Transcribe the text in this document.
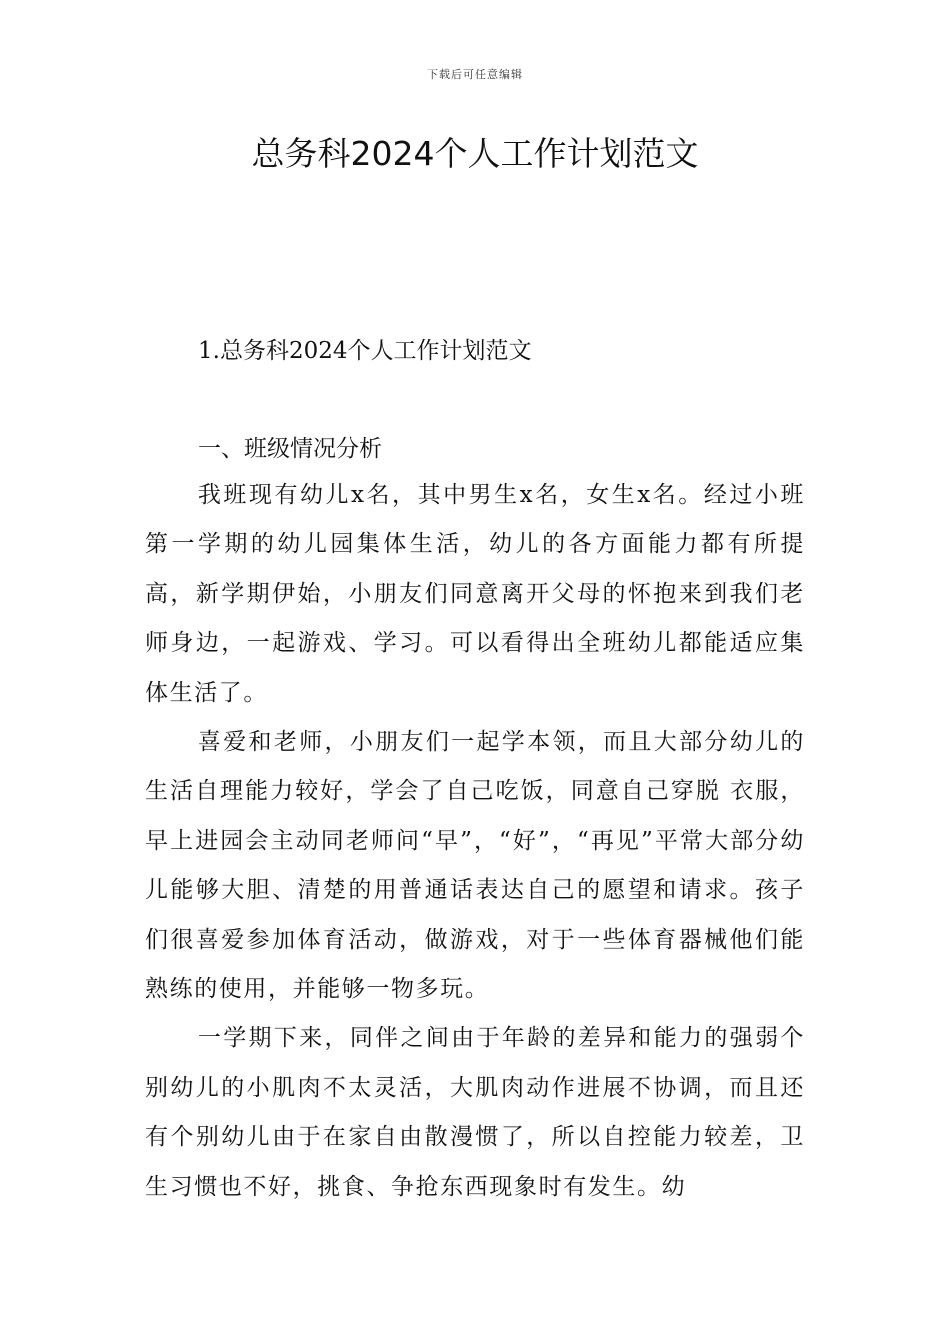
下载后可任意编辑
总务科2024个人工作计划范文
1.总务科2024个人工作计划范文
一、班级情况分析

我班现有幼儿x名，其中男生x名，女生x名。经过小班第一学期的幼儿园集体生活，幼儿的各方面能力都有所提高，新学期伊始，小朋友们同意离开父母的怀抱来到我们老师身边，一起游戏、学习。可以看得出全班幼儿都能适应集体生活了。

喜爱和老师，小朋友们一起学本领，而且大部分幼儿的生活自理能力较好，学会了自己吃饭，同意自己穿脱 衣服，早上进园会主动同老师问“早”，“好”，“再见”平常大部分幼儿能够大胆、清楚的用普通话表达自己的愿望和请求。孩子们很喜爱参加体育活动，做游戏，对于一些体育器械他们能熟练的使用，并能够一物多玩。

一学期下来，同伴之间由于年龄的差异和能力的强弱个别幼儿的小肌肉不太灵活，大肌肉动作进展不协调，而且还有个别幼儿由于在家自由散漫惯了，所以自控能力较差，卫生习惯也不好，挑食、争抢东西现象时有发生。幼
